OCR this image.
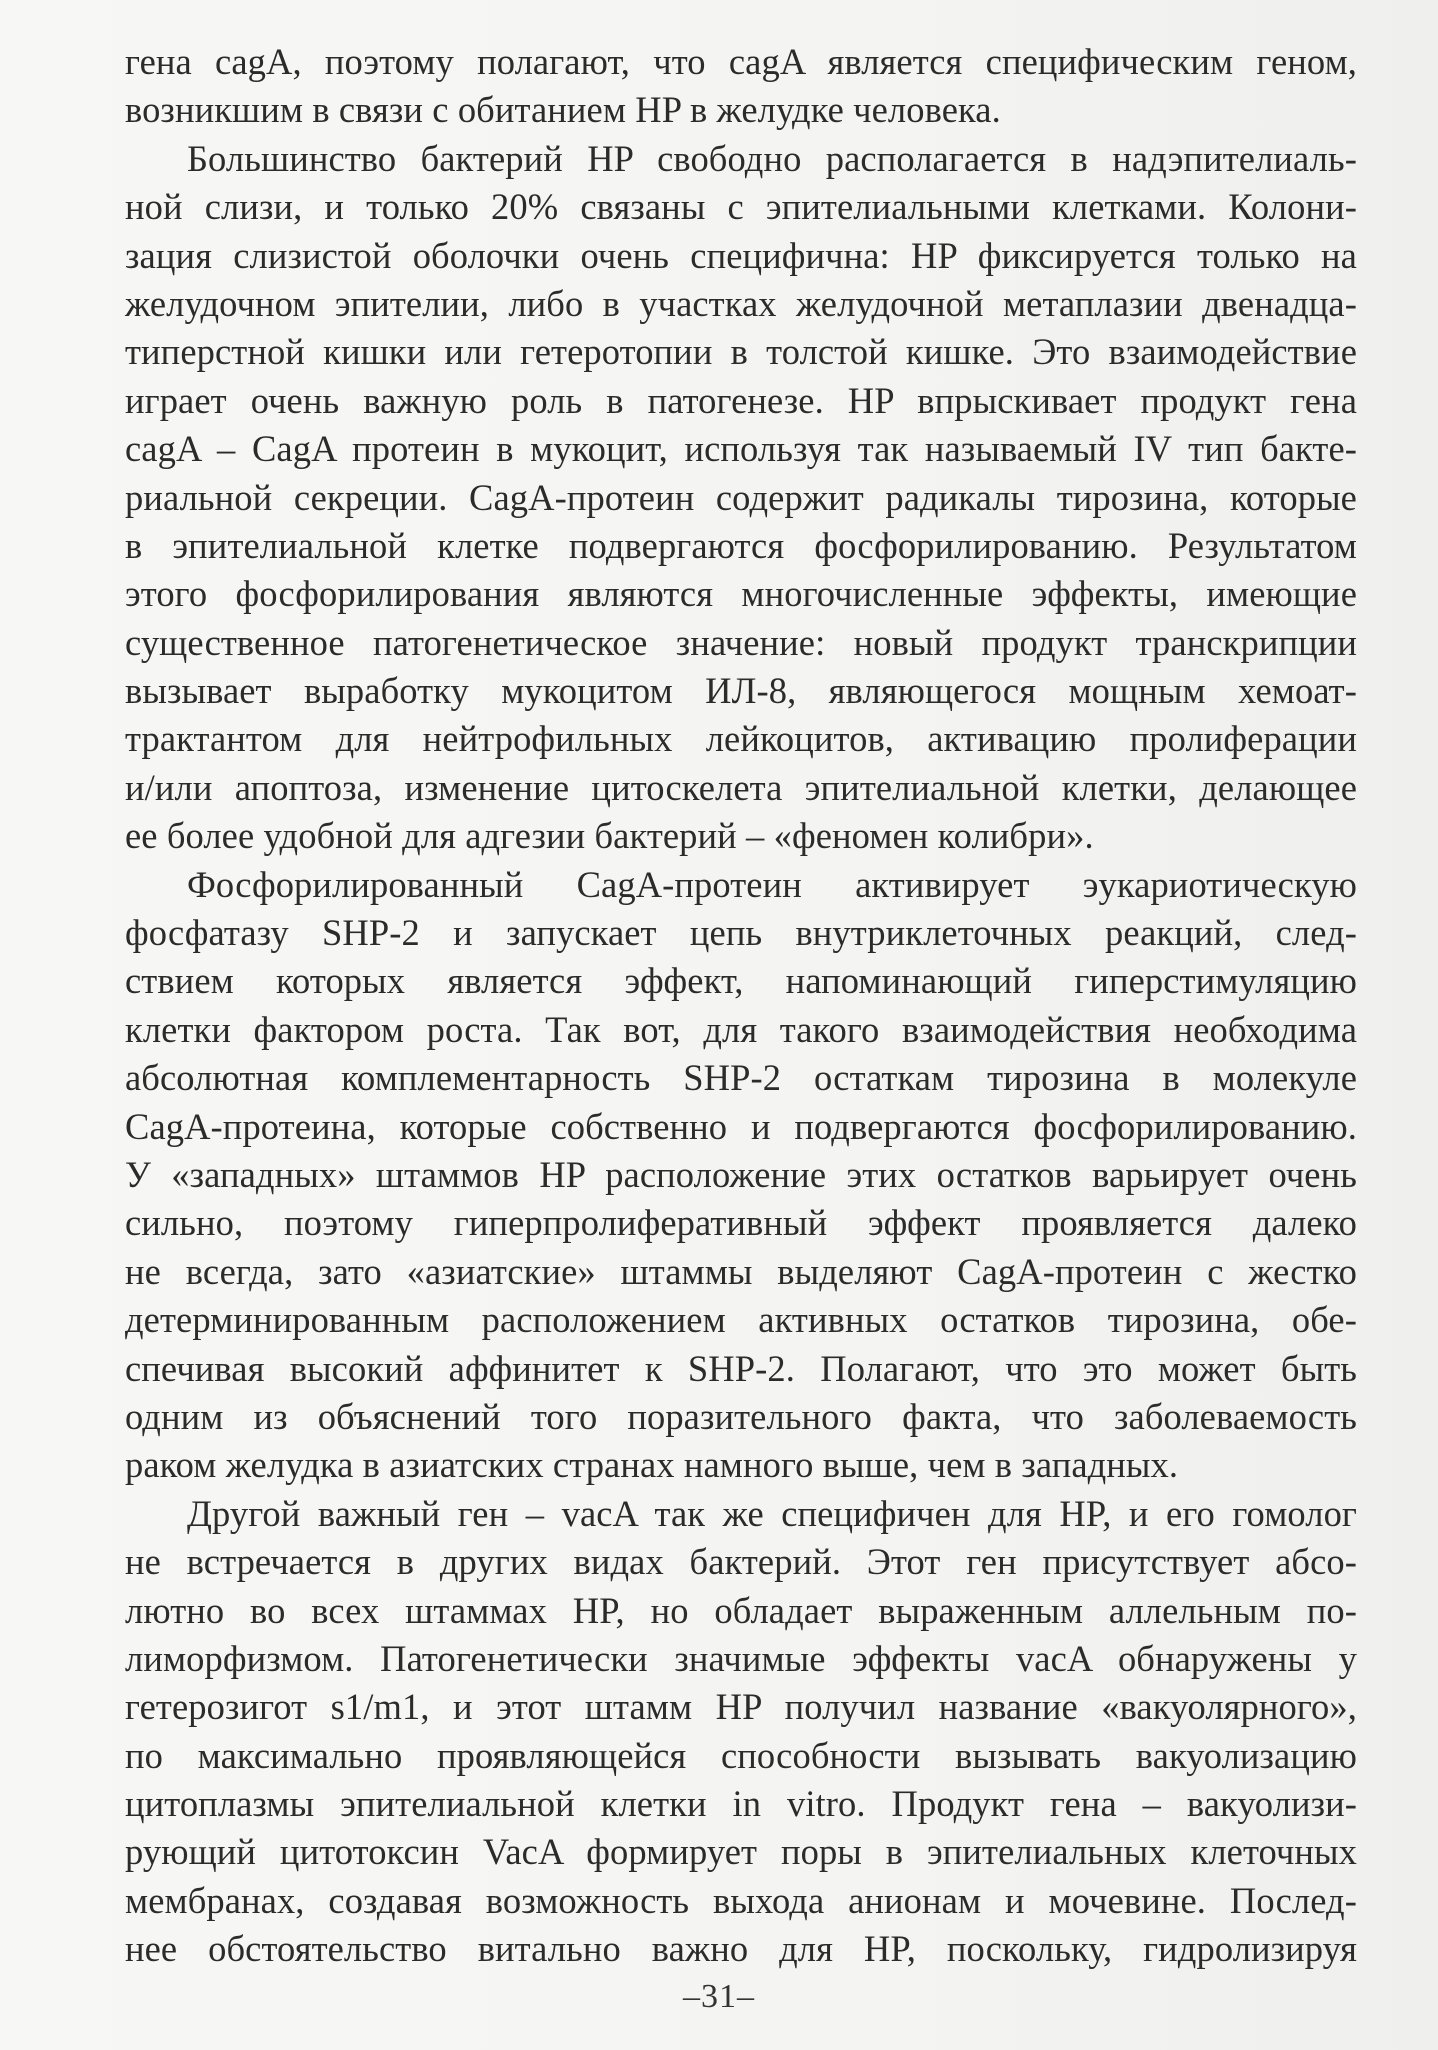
гена cagA, поэтому полагают, что cagA является специфическим геном,
возникшим в связи с обитанием HP в желудке человека.
Большинство бактерий HP свободно располагается в надэпителиаль-
ной слизи, и только 20% связаны с эпителиальными клетками. Колони-
зация слизистой оболочки очень специфична: HP фиксируется только на
желудочном эпителии, либо в участках желудочной метаплазии двенадца-
типерстной кишки или гетеротопии в толстой кишке. Это взаимодействие
играет очень важную роль в патогенезе. HP впрыскивает продукт гена
cagA – CagA протеин в мукоцит, используя так называемый IV тип бакте-
риальной секреции. CagA-протеин содержит радикалы тирозина, которые
в эпителиальной клетке подвергаются фосфорилированию. Результатом
этого фосфорилирования являются многочисленные эффекты, имеющие
существенное патогенетическое значение: новый продукт транскрипции
вызывает выработку мукоцитом ИЛ-8, являющегося мощным хемоат-
трактантом для нейтрофильных лейкоцитов, активацию пролиферации
и/или апоптоза, изменение цитоскелета эпителиальной клетки, делающее
ее более удобной для адгезии бактерий – «феномен колибри».
Фосфорилированный CagA-протеин активирует эукариотическую
фосфатазу SHP-2 и запускает цепь внутриклеточных реакций, след-
ствием которых является эффект, напоминающий гиперстимуляцию
клетки фактором роста. Так вот, для такого взаимодействия необходима
абсолютная комплементарность SHP-2 остаткам тирозина в молекуле
CagA-протеина, которые собственно и подвергаются фосфорилированию.
У «западных» штаммов HP расположение этих остатков варьирует очень
сильно, поэтому гиперпролиферативный эффект проявляется далеко
не всегда, зато «азиатские» штаммы выделяют CagA-протеин с жестко
детерминированным расположением активных остатков тирозина, обе-
спечивая высокий аффинитет к SHP-2. Полагают, что это может быть
одним из объяснений того поразительного факта, что заболеваемость
раком желудка в азиатских странах намного выше, чем в западных.
Другой важный ген – vacA так же специфичен для HP, и его гомолог
не встречается в других видах бактерий. Этот ген присутствует абсо-
лютно во всех штаммах HP, но обладает выраженным аллельным по-
лиморфизмом. Патогенетически значимые эффекты vacA обнаружены у
гетерозигот s1/m1, и этот штамм HP получил название «вакуолярного»,
по максимально проявляющейся способности вызывать вакуолизацию
цитоплазмы эпителиальной клетки in vitro. Продукт гена – вакуолизи-
рующий цитотоксин VacA формирует поры в эпителиальных клеточных
мембранах, создавая возможность выхода анионам и мочевине. Послед-
нее обстоятельство витально важно для HP, поскольку, гидролизируя
–31–
